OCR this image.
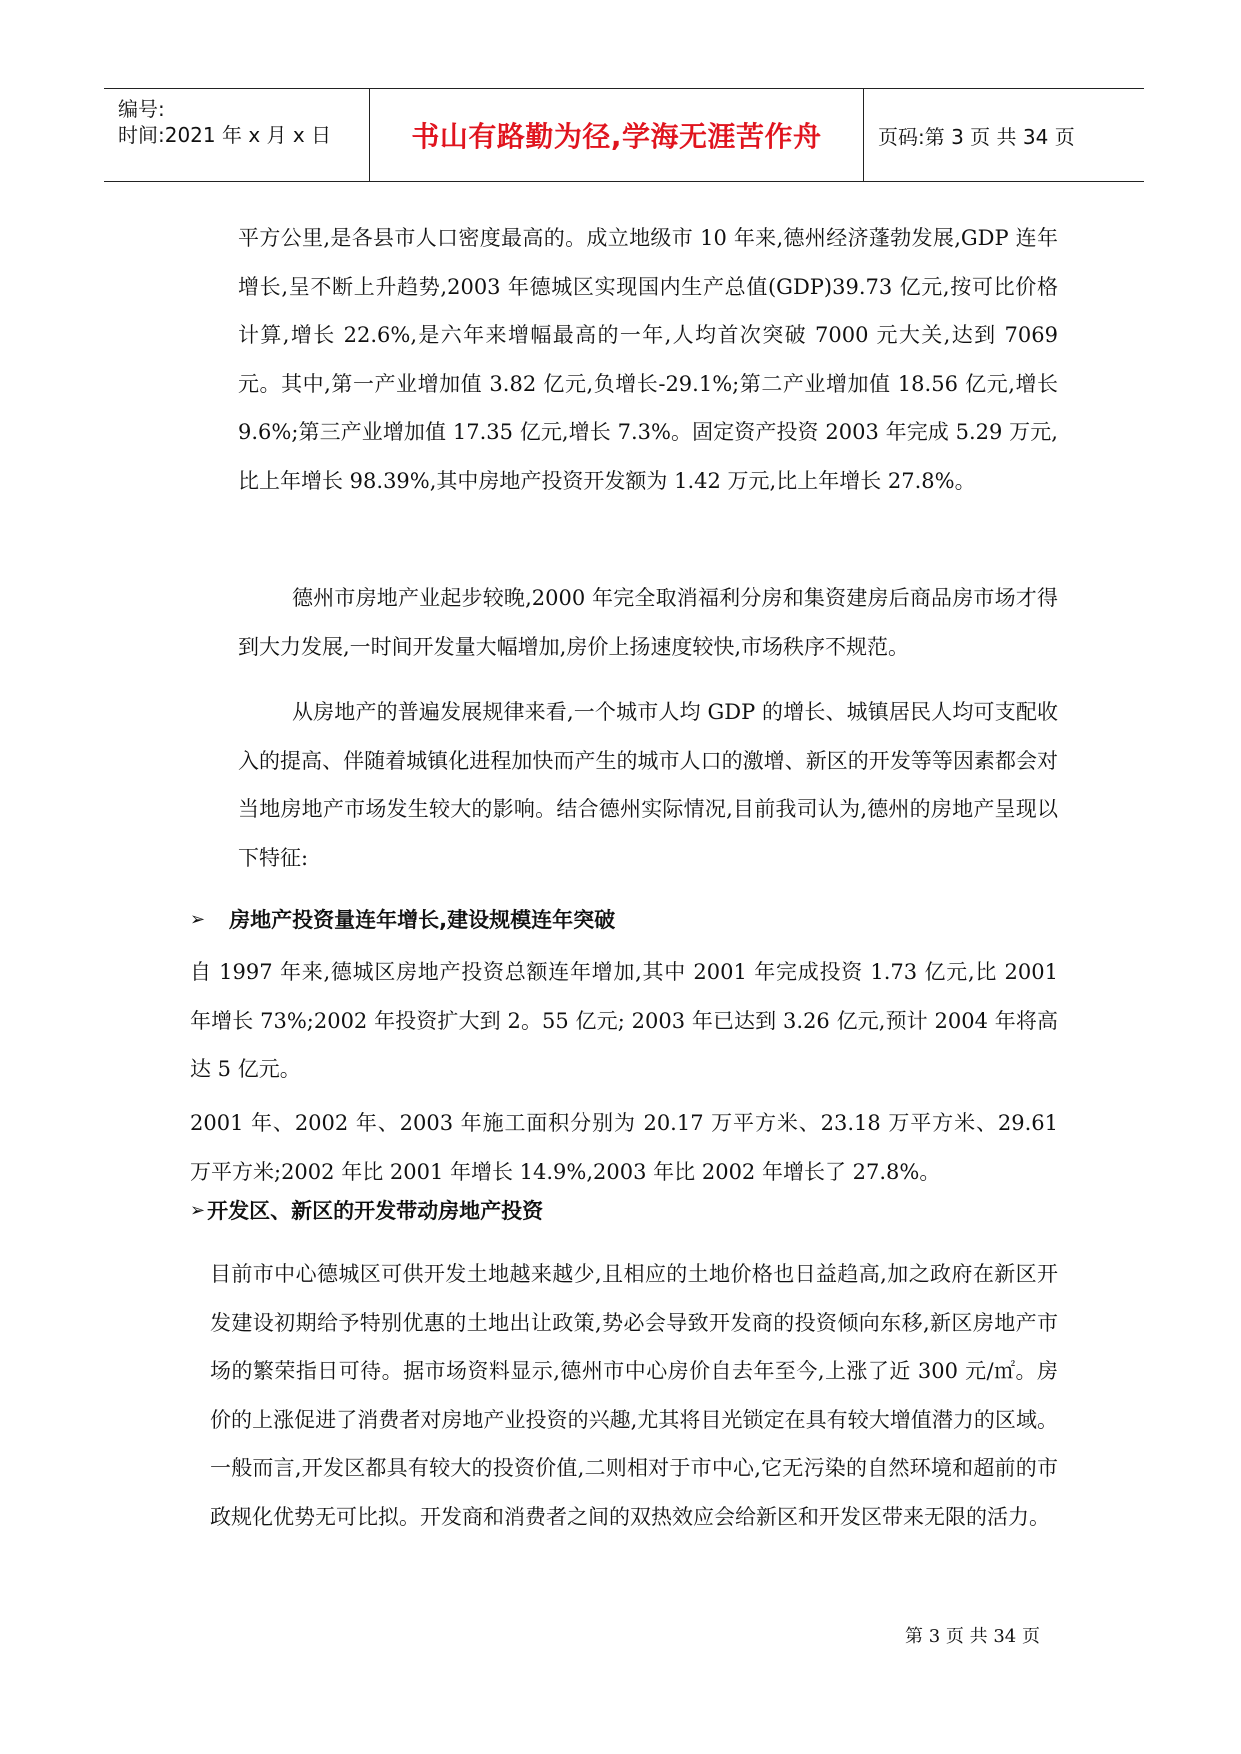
编号:
时间:2021 年 x 月 x 日	书山有路勤为径,学海无涯苦作舟	页码:第 3 页 共 34 页
平方公里,是各县市人口密度最高的。成立地级市 10 年来,德州经济蓬勃发展,GDP 连年增长,呈不断上升趋势,2003 年德城区实现国内生产总值(GDP)39.73 亿元,按可比价格计算,增长 22.6%,是六年来增幅最高的一年,人均首次突破 7000 元大关,达到 7069 元。其中,第一产业增加值 3.82 亿元,负增长-29.1%;第二产业增加值 18.56 亿元,增长 9.6%;第三产业增加值 17.35 亿元,增长 7.3%。固定资产投资 2003 年完成 5.29 万元,比上年增长 98.39%,其中房地产投资开发额为 1.42 万元,比上年增长 27.8%。
德州市房地产业起步较晚,2000 年完全取消福利分房和集资建房后商品房市场才得到大力发展,一时间开发量大幅增加,房价上扬速度较快,市场秩序不规范。
从房地产的普遍发展规律来看,一个城市人均 GDP 的增长、城镇居民人均可支配收入的提高、伴随着城镇化进程加快而产生的城市人口的激增、新区的开发等等因素都会对当地房地产市场发生较大的影响。结合德州实际情况,目前我司认为,德州的房地产呈现以下特征:
➢ 房地产投资量连年增长,建设规模连年突破
自 1997 年来,德城区房地产投资总额连年增加,其中 2001 年完成投资 1.73 亿元,比 2001 年增长 73%;2002 年投资扩大到 2。55 亿元; 2003 年已达到 3.26 亿元,预计 2004 年将高达 5 亿元。
2001 年、2002 年、2003 年施工面积分别为 20.17 万平方米、23.18 万平方米、29.61 万平方米;2002 年比 2001 年增长 14.9%,2003 年比 2002 年增长了 27.8%。
➢ 开发区、新区的开发带动房地产投资
目前市中心德城区可供开发土地越来越少,且相应的土地价格也日益趋高,加之政府在新区开发建设初期给予特别优惠的土地出让政策,势必会导致开发商的投资倾向东移,新区房地产市场的繁荣指日可待。据市场资料显示,德州市中心房价自去年至今,上涨了近 300 元/㎡。房价的上涨促进了消费者对房地产业投资的兴趣,尤其将目光锁定在具有较大增值潜力的区域。一般而言,开发区都具有较大的投资价值,二则相对于市中心,它无污染的自然环境和超前的市政规化优势无可比拟。开发商和消费者之间的双热效应会给新区和开发区带来无限的活力。
第 3 页 共 34 页
